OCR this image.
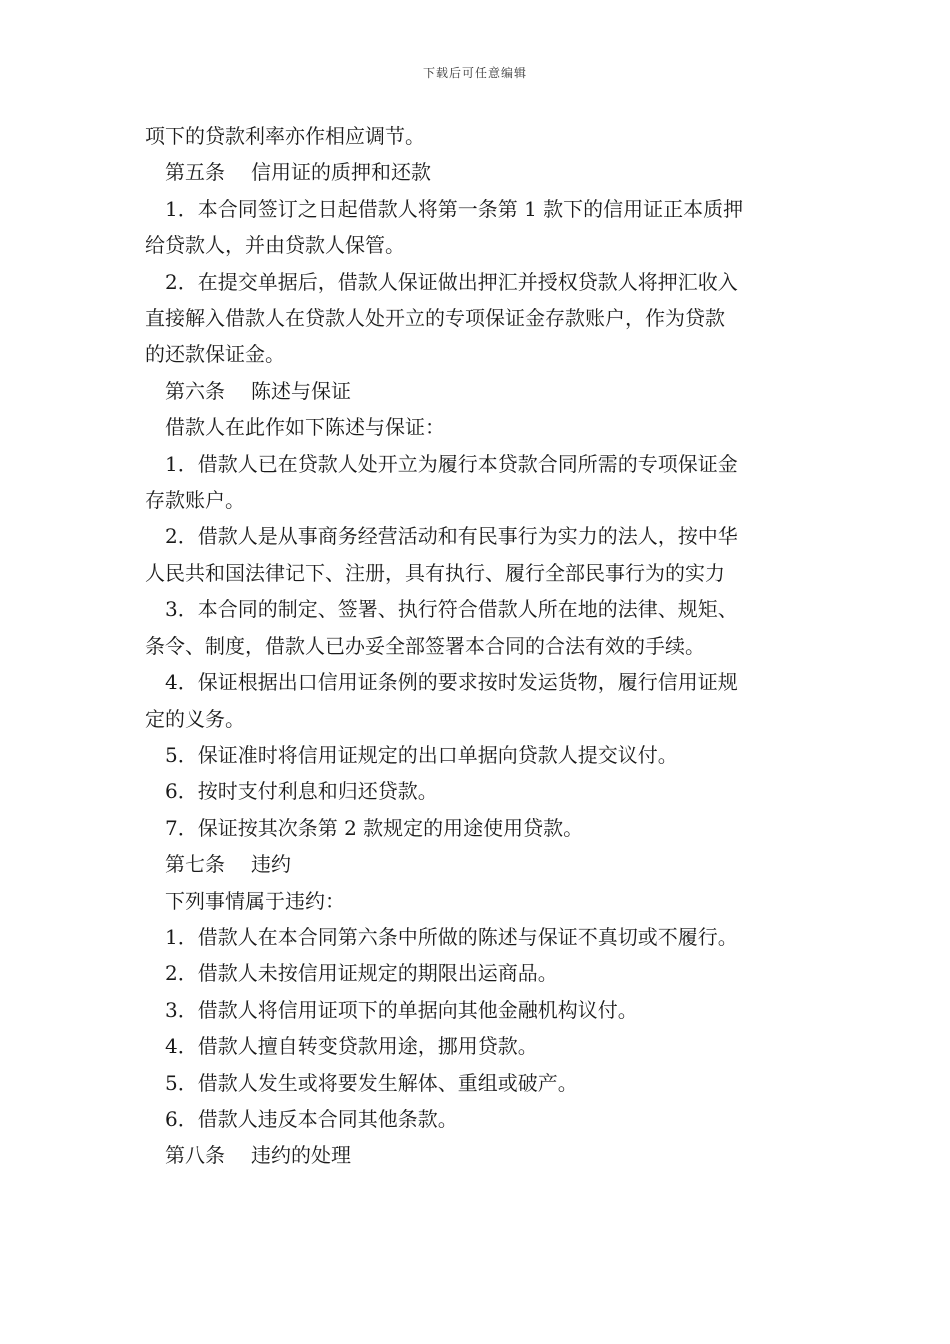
下载后可任意编辑

项下的贷款利率亦作相应调节。

第五条 信用证的质押和还款

1．本合同签订之日起借款人将第一条第 1 款下的信用证正本质押

给贷款人，并由贷款人保管。

2．在提交单据后，借款人保证做出押汇并授权贷款人将押汇收入

直接解入借款人在贷款人处开立的专项保证金存款账户，作为贷款

的还款保证金。

第六条 陈述与保证

借款人在此作如下陈述与保证：

1．借款人已在贷款人处开立为履行本贷款合同所需的专项保证金

存款账户。

2．借款人是从事商务经营活动和有民事行为实力的法人，按中华

人民共和国法律记下、注册，具有执行、履行全部民事行为的实力

3．本合同的制定、签署、执行符合借款人所在地的法律、规矩、

条令、制度，借款人已办妥全部签署本合同的合法有效的手续。

4．保证根据出口信用证条例的要求按时发运货物，履行信用证规

定的义务。

5．保证准时将信用证规定的出口单据向贷款人提交议付。

6．按时支付利息和归还贷款。

7．保证按其次条第 2 款规定的用途使用贷款。

第七条 违约

下列事情属于违约：

1．借款人在本合同第六条中所做的陈述与保证不真切或不履行。

2．借款人未按信用证规定的期限出运商品。

3．借款人将信用证项下的单据向其他金融机构议付。

4．借款人擅自转变贷款用途，挪用贷款。

5．借款人发生或将要发生解体、重组或破产。

6．借款人违反本合同其他条款。

第八条 违约的处理
